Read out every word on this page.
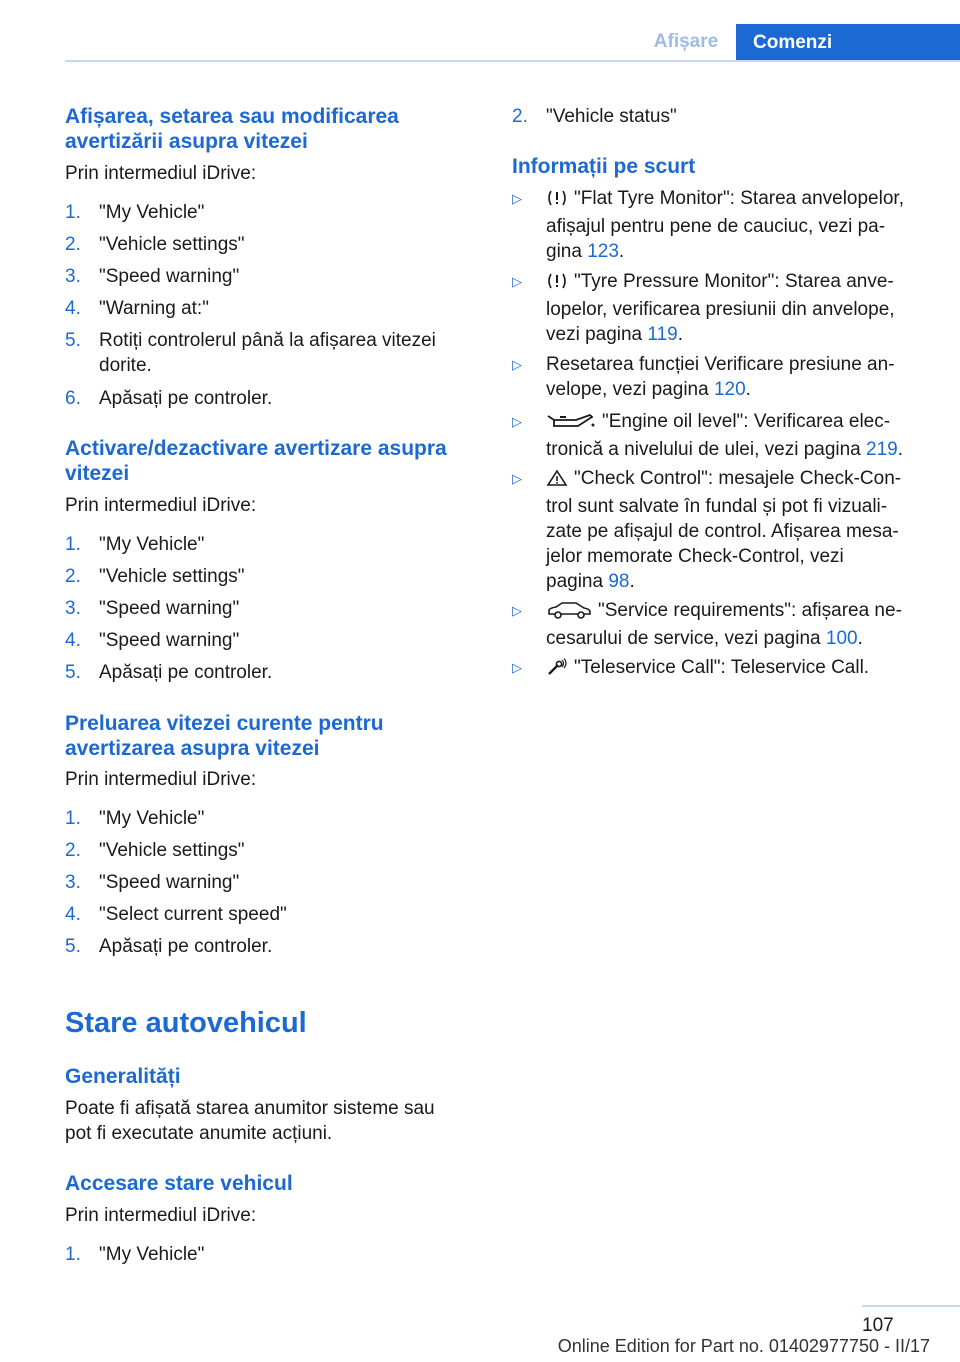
Afișare	Comenzi
Afișarea, setarea sau modificarea
avertizării asupra vitezei
Prin intermediul iDrive:
1. "My Vehicle"
2. "Vehicle settings"
3. "Speed warning"
4. "Warning at:"
5. Rotiți controlerul până la afișarea vitezei
dorite.
6. Apăsați pe controler.
Activare/dezactivare avertizare asupra
vitezei
Prin intermediul iDrive:
1. "My Vehicle"
2. "Vehicle settings"
3. "Speed warning"
4. "Speed warning"
5. Apăsați pe controler.
Preluarea vitezei curente pentru
avertizarea asupra vitezei
Prin intermediul iDrive:
1. "My Vehicle"
2. "Vehicle settings"
3. "Speed warning"
4. "Select current speed"
5. Apăsați pe controler.
Stare autovehicul
Generalități
Poate fi afișată starea anumitor sisteme sau
pot fi executate anumite acțiuni.
Accesare stare vehicul
Prin intermediul iDrive:
1. "My Vehicle"
2. "Vehicle status"
Informații pe scurt
▷	"Flat Tyre Monitor": Starea anvelopelor,
afișajul pentru pene de cauciuc, vezi pa-
gina 123.
▷	"Tyre Pressure Monitor": Starea anve-
lopelor, verificarea presiunii din anvelope,
vezi pagina 119.
▷ Resetarea funcției Verificare presiune an-
velope, vezi pagina 120.
▷	"Engine oil level": Verificarea elec-
tronică a nivelului de ulei, vezi pagina 219.
▷	"Check Control": mesajele Check-Con-
trol sunt salvate în fundal și pot fi vizuali-
zate pe afișajul de control. Afișarea mesa-
jelor memorate Check-Control, vezi
pagina 98.
▷	"Service requirements": afișarea ne-
cesarului de service, vezi pagina 100.
▷	"Teleservice Call": Teleservice Call.
107
Online Edition for Part no. 01402977750 - II/17
